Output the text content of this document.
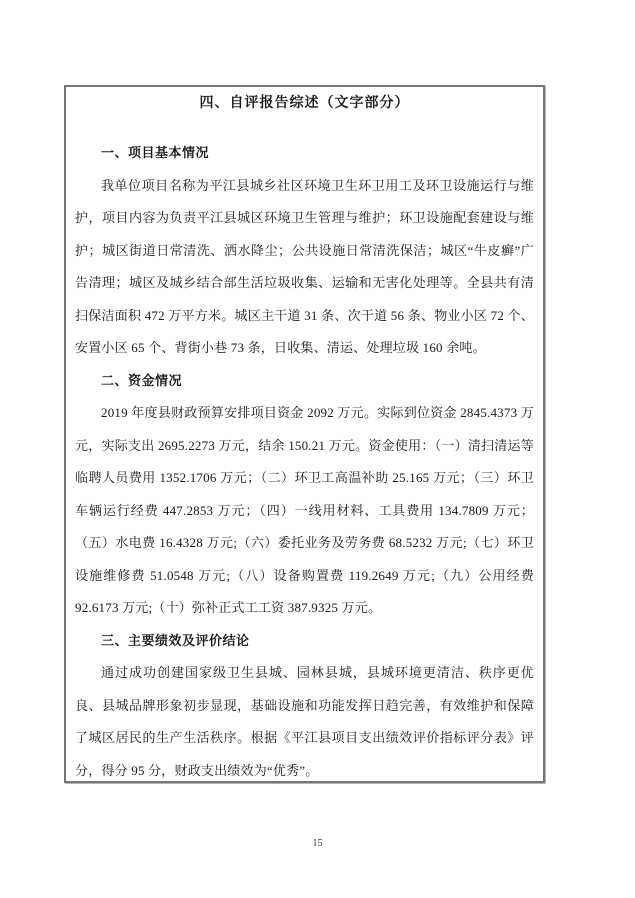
四、自评报告综述（文字部分）
一、项目基本情况

我单位项目名称为平江县城乡社区环境卫生环卫用工及环卫设施运行与维护，项目内容为负责平江县城区环境卫生管理与维护；环卫设施配套建设与维护；城区街道日常清洗、洒水降尘；公共设施日常清洗保洁；城区“牛皮癣”广告清理；城区及城乡结合部生活垃圾收集、运输和无害化处理等。全县共有清扫保洁面积 472 万平方米。城区主干道 31 条、次干道 56 条、物业小区 72 个、安置小区 65 个、背街小巷 73 条，日收集、清运、处理垃圾 160 余吨。

二、资金情况

2019 年度县财政预算安排项目资金 2092 万元。实际到位资金 2845.4373 万元，实际支出 2695.2273 万元，结余 150.21 万元。资金使用：（一）清扫清运等临聘人员费用 1352.1706 万元；（二）环卫工高温补助 25.165 万元；（三）环卫车辆运行经费 447.2853 万元；（四）一线用材料、工具费用 134.7809 万元；（五）水电费 16.4328 万元;（六）委托业务及劳务费 68.5232 万元;（七）环卫设施维修费 51.0548 万元;（八）设备购置费 119.2649 万元;（九）公用经费 92.6173 万元;（十）弥补正式工工资 387.9325 万元。

三、主要绩效及评价结论

通过成功创建国家级卫生县城、园林县城，县城环境更清洁、秩序更优良、县城品牌形象初步显现，基础设施和功能发挥日趋完善，有效维护和保障了城区居民的生产生活秩序。根据《平江县项目支出绩效评价指标评分表》评分，得分 95 分，财政支出绩效为“优秀”。

15
